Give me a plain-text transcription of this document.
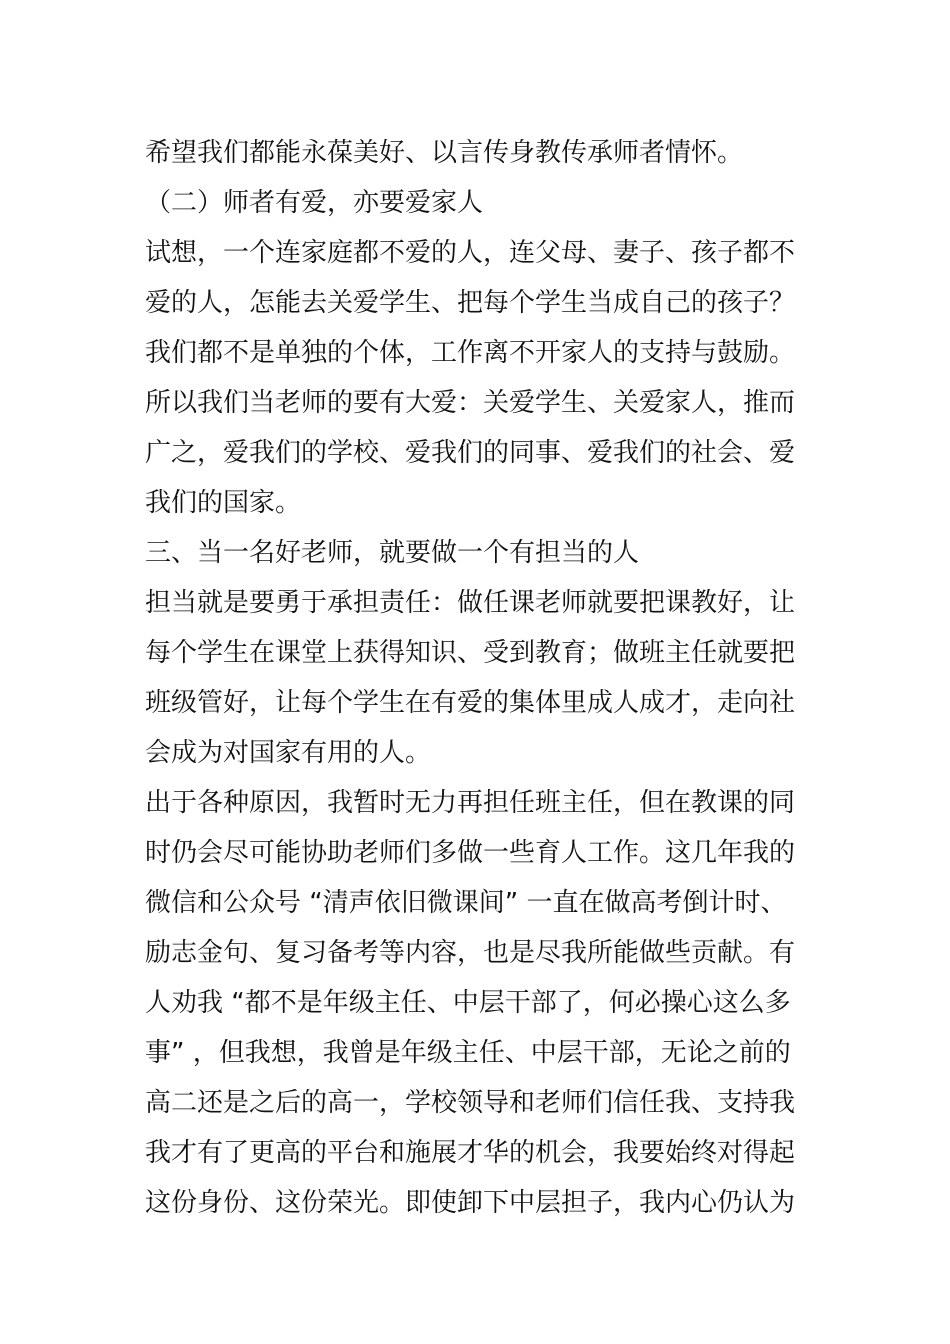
希望我们都能永葆美好、以言传身教传承师者情怀。
（二）师者有爱，亦要爱家人
试想，一个连家庭都不爱的人，连父母、妻子、孩子都不
爱的人，怎能去关爱学生、把每个学生当成自己的孩子？
我们都不是单独的个体，工作离不开家人的支持与鼓励。
所以我们当老师的要有大爱：关爱学生、关爱家人，推而
广之，爱我们的学校、爱我们的同事、爱我们的社会、爱
我们的国家。
三、当一名好老师，就要做一个有担当的人
担当就是要勇于承担责任：做任课老师就要把课教好，让
每个学生在课堂上获得知识、受到教育；做班主任就要把
班级管好，让每个学生在有爱的集体里成人成才，走向社
会成为对国家有用的人。
出于各种原因，我暂时无力再担任班主任，但在教课的同
时仍会尽可能协助老师们多做一些育人工作。这几年我的
微信和公众号 “清声依旧微课间” 一直在做高考倒计时、
励志金句、复习备考等内容，也是尽我所能做些贡献。有
人劝我 “都不是年级主任、中层干部了，何必操心这么多
事” ，但我想，我曾是年级主任、中层干部，无论之前的
高二还是之后的高一，学校领导和老师们信任我、支持我
我才有了更高的平台和施展才华的机会，我要始终对得起
这份身份、这份荣光。即使卸下中层担子，我内心仍认为
